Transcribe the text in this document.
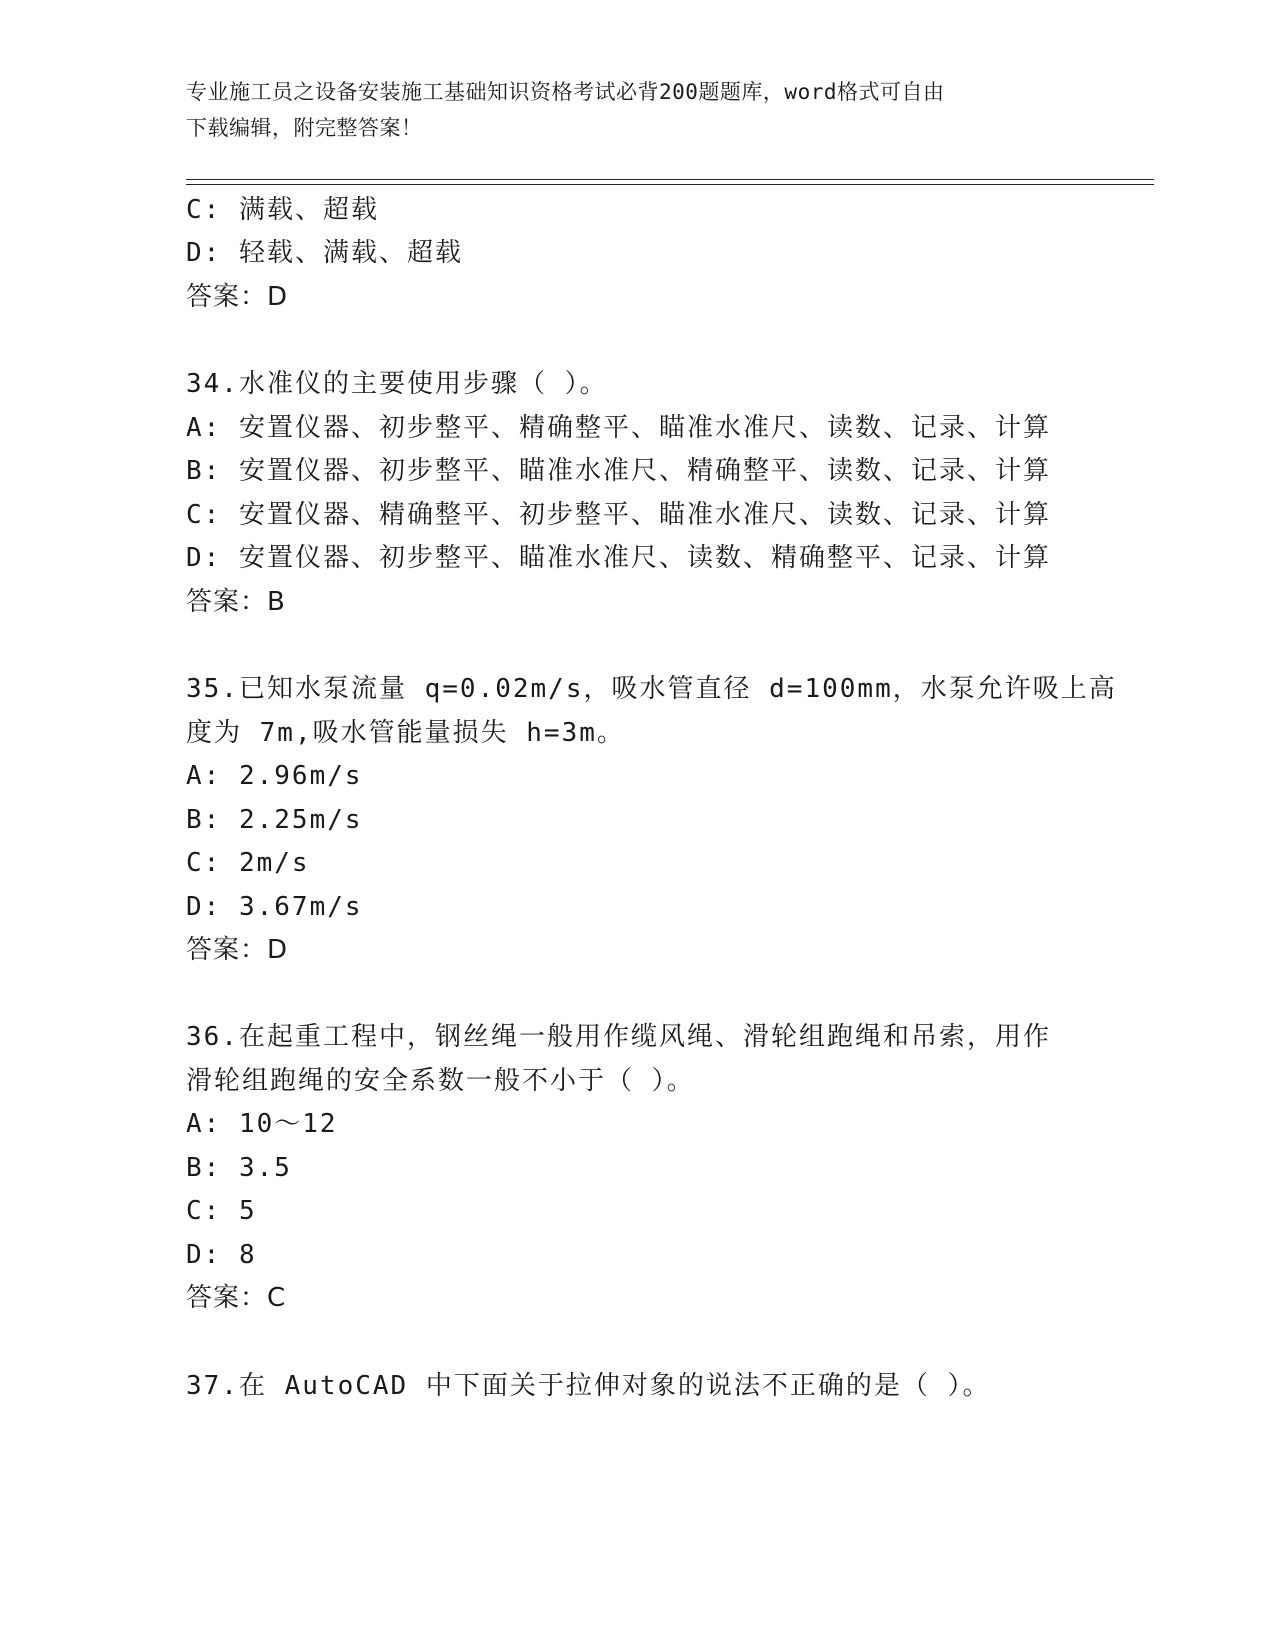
专业施工员之设备安装施工基础知识资格考试必背200题题库，word格式可自由
下载编辑，附完整答案！
C: 满载、超载
D: 轻载、满载、超载
答案：D
34.水准仪的主要使用步骤（ ）。
A: 安置仪器、初步整平、精确整平、瞄准水准尺、读数、记录、计算
B: 安置仪器、初步整平、瞄准水准尺、精确整平、读数、记录、计算
C: 安置仪器、精确整平、初步整平、瞄准水准尺、读数、记录、计算
D: 安置仪器、初步整平、瞄准水准尺、读数、精确整平、记录、计算
答案：B
35.已知水泵流量 q=0.02m/s，吸水管直径 d=100mm，水泵允许吸上高
度为 7m,吸水管能量损失 h=3m。
A: 2.96m/s
B: 2.25m/s
C: 2m/s
D: 3.67m/s
答案：D
36.在起重工程中，钢丝绳一般用作缆风绳、滑轮组跑绳和吊索，用作
滑轮组跑绳的安全系数一般不小于（ ）。
A: 10～12
B: 3.5
C: 5
D: 8
答案：C
37.在 AutoCAD 中下面关于拉伸对象的说法不正确的是（ ）。
